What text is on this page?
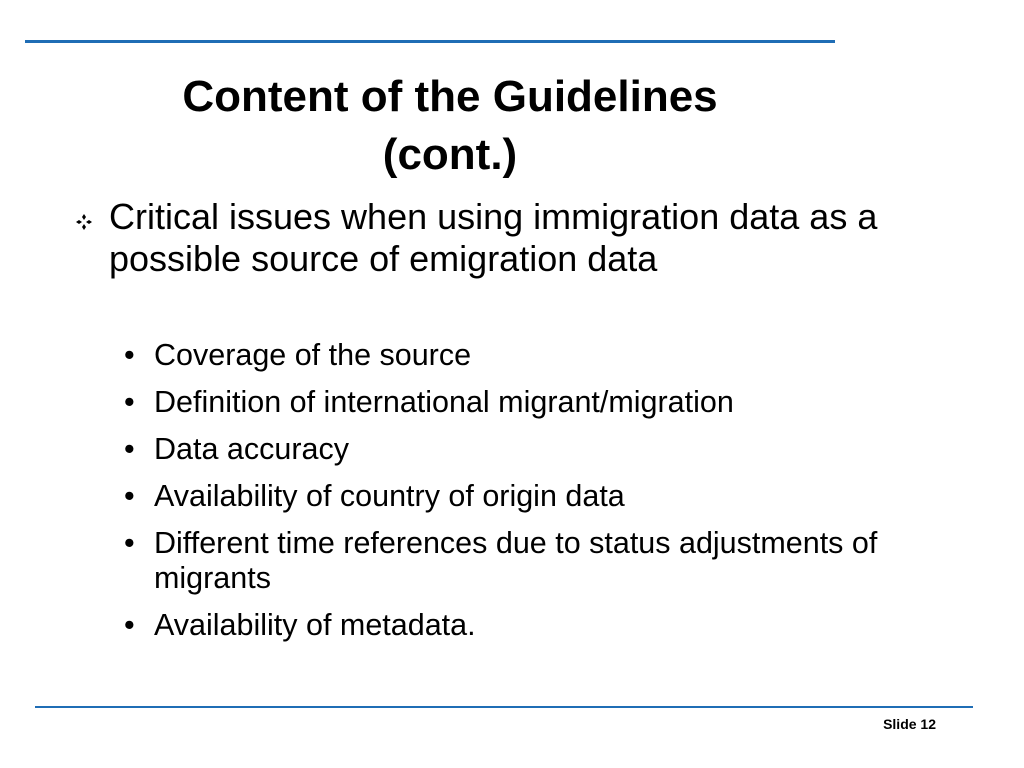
Content of the Guidelines
(cont.)
Critical issues when using immigration data as a possible source of emigration data
• Coverage of the source
• Definition of international migrant/migration
• Data accuracy
• Availability of country of origin data
• Different time references due to status adjustments of migrants
• Availability of metadata.
Slide 12
